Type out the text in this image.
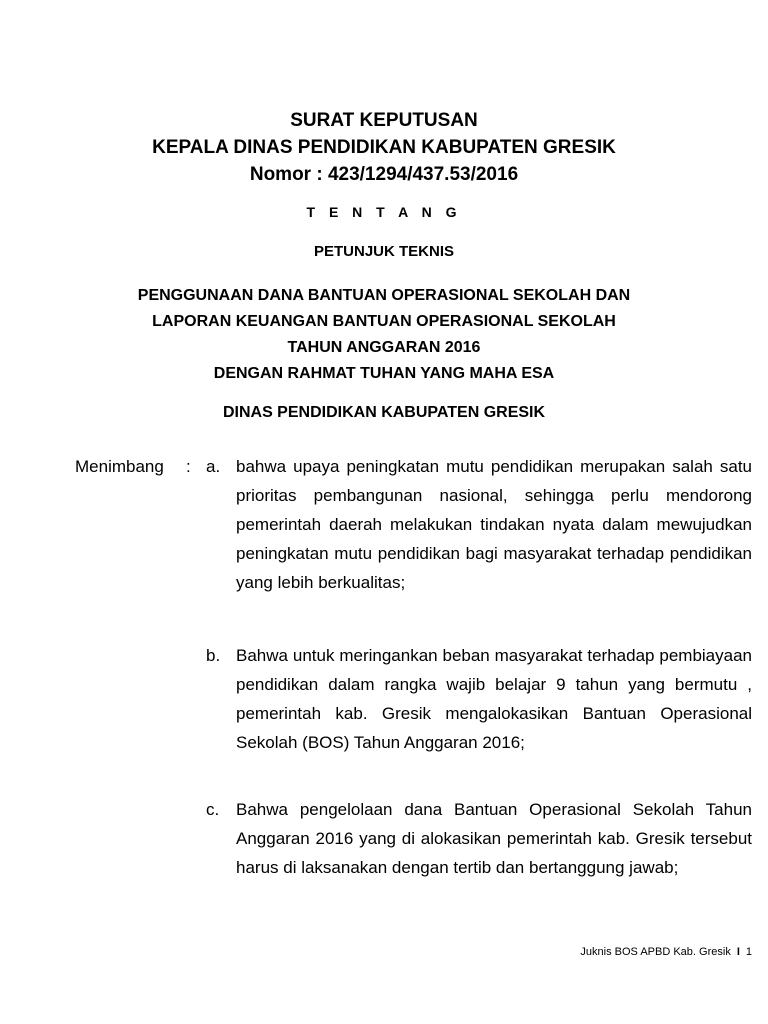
SURAT KEPUTUSAN
KEPALA DINAS PENDIDIKAN KABUPATEN GRESIK
Nomor : 423/1294/437.53/2016
T E N T A N G
PETUNJUK TEKNIS
PENGGUNAAN DANA BANTUAN OPERASIONAL SEKOLAH DAN
LAPORAN KEUANGAN BANTUAN OPERASIONAL SEKOLAH
TAHUN ANGGARAN 2016
DENGAN RAHMAT TUHAN YANG MAHA ESA
DINAS PENDIDIKAN KABUPATEN GRESIK
Menimbang : a. bahwa upaya peningkatan mutu pendidikan merupakan salah satu prioritas pembangunan nasional, sehingga perlu mendorong pemerintah daerah melakukan tindakan nyata dalam mewujudkan peningkatan mutu pendidikan bagi masyarakat terhadap pendidikan yang lebih berkualitas;
b. Bahwa untuk meringankan beban masyarakat terhadap pembiayaan pendidikan dalam rangka wajib belajar 9 tahun yang bermutu , pemerintah kab. Gresik mengalokasikan Bantuan Operasional Sekolah (BOS) Tahun Anggaran 2016;
c. Bahwa pengelolaan dana Bantuan Operasional Sekolah Tahun Anggaran 2016 yang di alokasikan pemerintah kab. Gresik tersebut harus di laksanakan dengan tertib dan bertanggung jawab;
Juknis BOS APBD Kab. Gresik I 1
